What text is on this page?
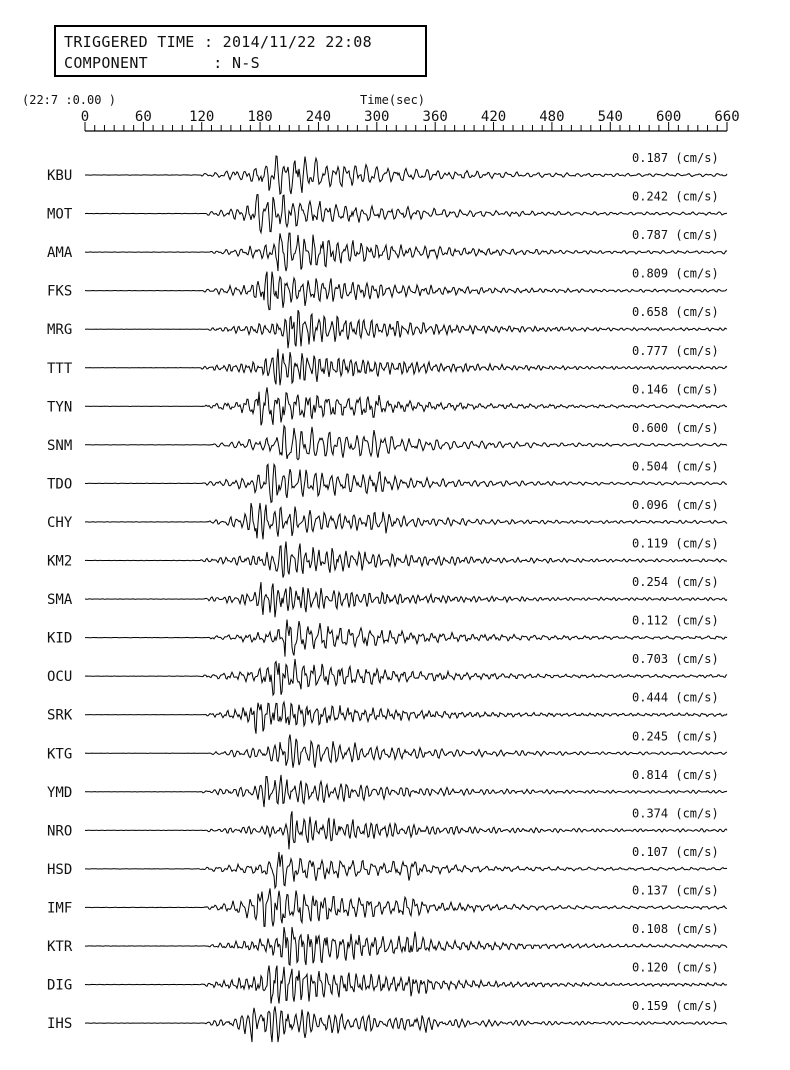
TRIGGERED TIME : 2014/11/22 22:08
COMPONENT       : N-S
(22:7 :0.00 )	Time(sec)
0	60	120 180 240 300 360 420 480 540 600 660
KBU
0.187 (cm/s)
MOT
0.242 (cm/s)
AMA
0.787 (cm/s)
FKS
0.809 (cm/s)
MRG
0.658 (cm/s)
TTT
0.777 (cm/s)
TYN
0.146 (cm/s)
SNM
0.600 (cm/s)
TDO
0.504 (cm/s)
CHY
0.096 (cm/s)
KM2
0.119 (cm/s)
SMA
0.254 (cm/s)
KID
0.112 (cm/s)
OCU
0.703 (cm/s)
SRK
0.444 (cm/s)
KTG
0.245 (cm/s)
YMD
0.814 (cm/s)
NRO
0.374 (cm/s)
HSD
0.107 (cm/s)
IMF
0.137 (cm/s)
KTR
0.108 (cm/s)
DIG
0.120 (cm/s)
IHS
0.159 (cm/s)
